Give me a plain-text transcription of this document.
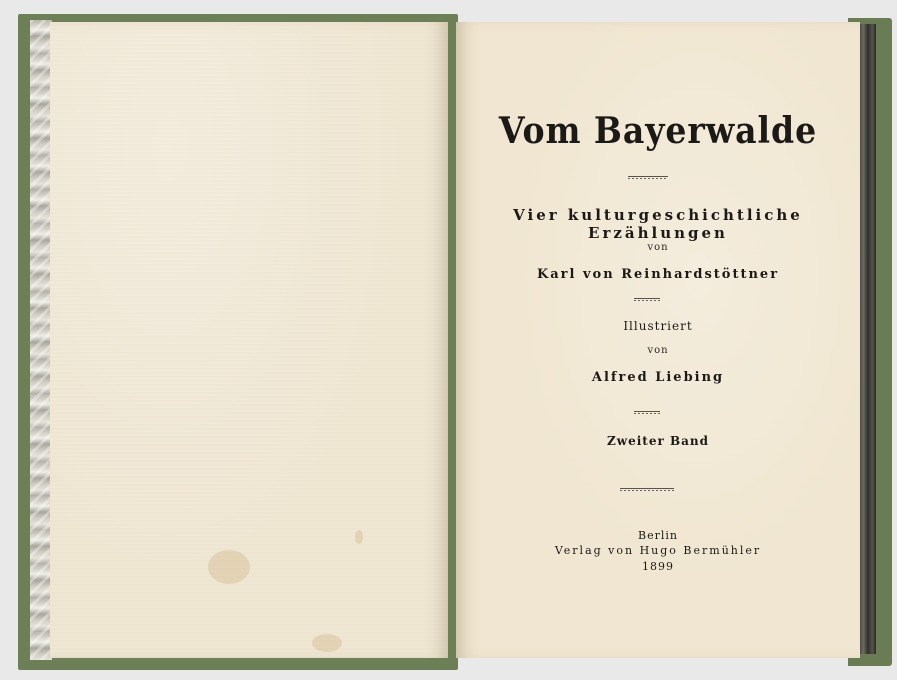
Vom Bayerwalde
Vier kulturgeschichtliche Erzählungen
von
Karl von Reinhardstöttner
Illustriert
von
Alfred Liebing
Zweiter Band
Berlin
Verlag von Hugo Bermühler
1899
